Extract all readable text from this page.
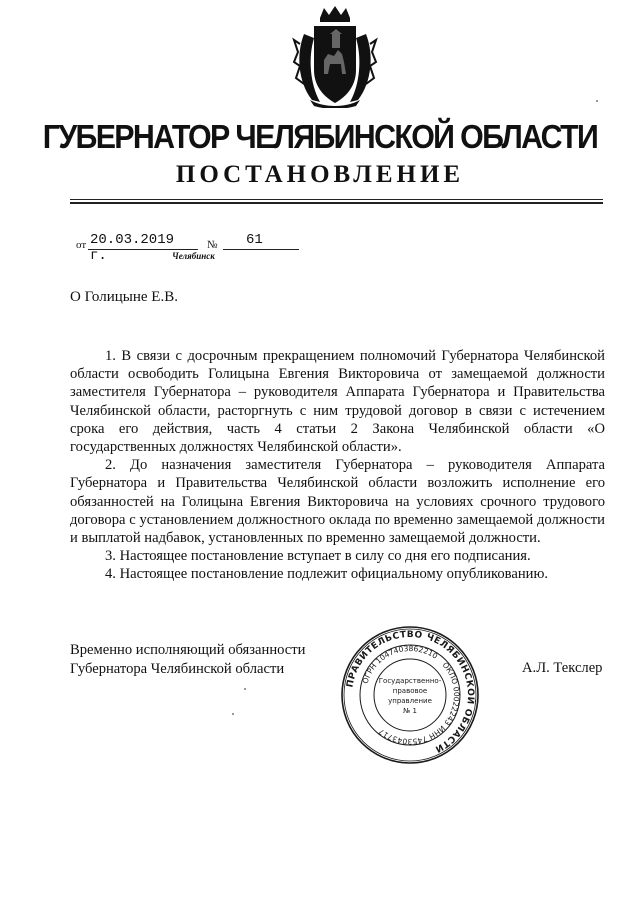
ГУБЕРНАТОР ЧЕЛЯБИНСКОЙ ОБЛАСТИ
ПОСТАНОВЛЕНИЕ
от 20.03.2019 г.
№ 61
Челябинск
О Голицыне Е.В.

1. В связи с досрочным прекращением полномочий Губернатора Челябинской области освободить Голицына Евгения Викторовича от замещаемой должности заместителя Губернатора – руководителя Аппарата Губернатора и Правительства Челябинской области, расторгнуть с ним трудовой договор в связи с истечением срока его действия, часть 4 статьи 2 Закона Челябинской области «О государственных должностях Челябинской области».

2. До назначения заместителя Губернатора – руководителя Аппарата Губернатора и Правительства Челябинской области возложить исполнение его обязанностей на Голицына Евгения Викторовича на условиях срочного трудового договора с установлением должностного оклада по временно замещаемой должности и выплатой надбавок, установленных по временно замещаемой должности.

3. Настоящее постановление вступает в силу со дня его подписания.

4. Настоящее постановление подлежит официальному опубликованию.

Временно исполняющий обязанности
Губернатора Челябинской области	А.Л. Текслер
ПРАВИТЕЛЬСТВО ЧЕЛЯБИНСКОЙ ОБЛАСТИ
ОГРН 1047403862210
ОКПО 00022243
ИНН 7453043717
Государственно-
правовое
управление
№ 1
